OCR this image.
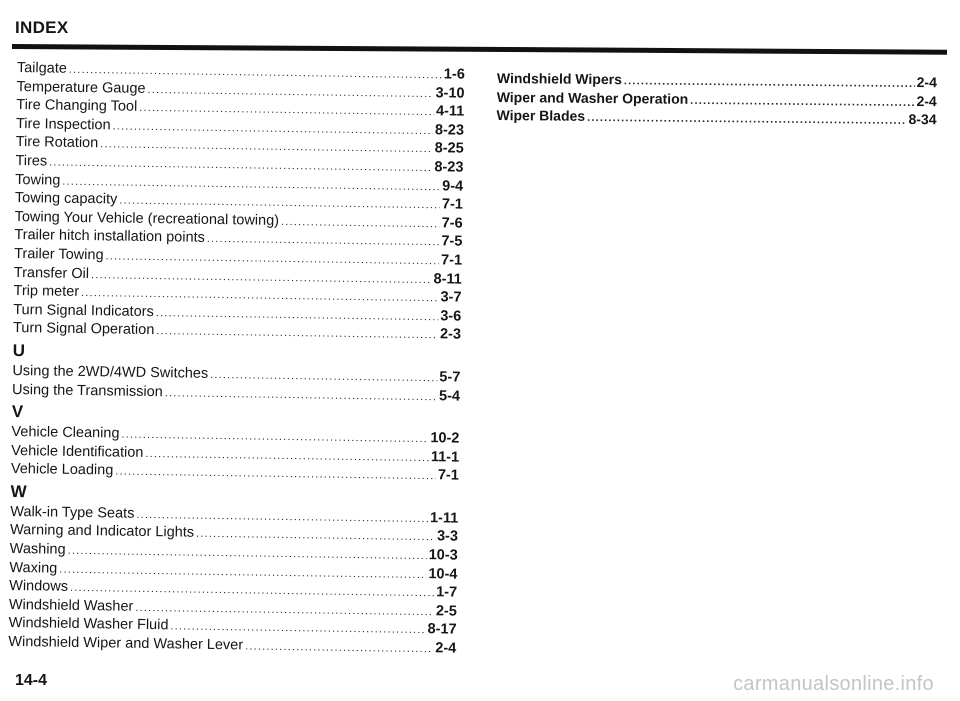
INDEX
Tailgate .....	1-6
Temperature Gauge .....	3-10
Tire Changing Tool .....	4-11
Tire Inspection .....	8-23
Tire Rotation .....	8-25
Tires .....	8-23
Towing .....	9-4
Towing capacity .....	7-1
Towing Your Vehicle (recreational towing) .....	7-6
Trailer hitch installation points .....	7-5
Trailer Towing .....	7-1
Transfer Oil .....	8-11
Trip meter .....	3-7
Turn Signal Indicators .....	3-6
Turn Signal Operation .....	2-3
U
Using the 2WD/4WD Switches .....	5-7
Using the Transmission .....	5-4
V
Vehicle Cleaning .....	10-2
Vehicle Identification .....	11-1
Vehicle Loading .....	7-1
W
Walk-in Type Seats .....	1-11
Warning and Indicator Lights .....	3-3
Washing .....	10-3
Waxing .....	10-4
Windows .....	1-7
Windshield Washer .....	2-5
Windshield Washer Fluid .....	8-17
Windshield Wiper and Washer Lever .....	2-4
Windshield Wipers .....	2-4
Wiper and Washer Operation .....	2-4
Wiper Blades .....	8-34
14-4	carmanualsonline.info
